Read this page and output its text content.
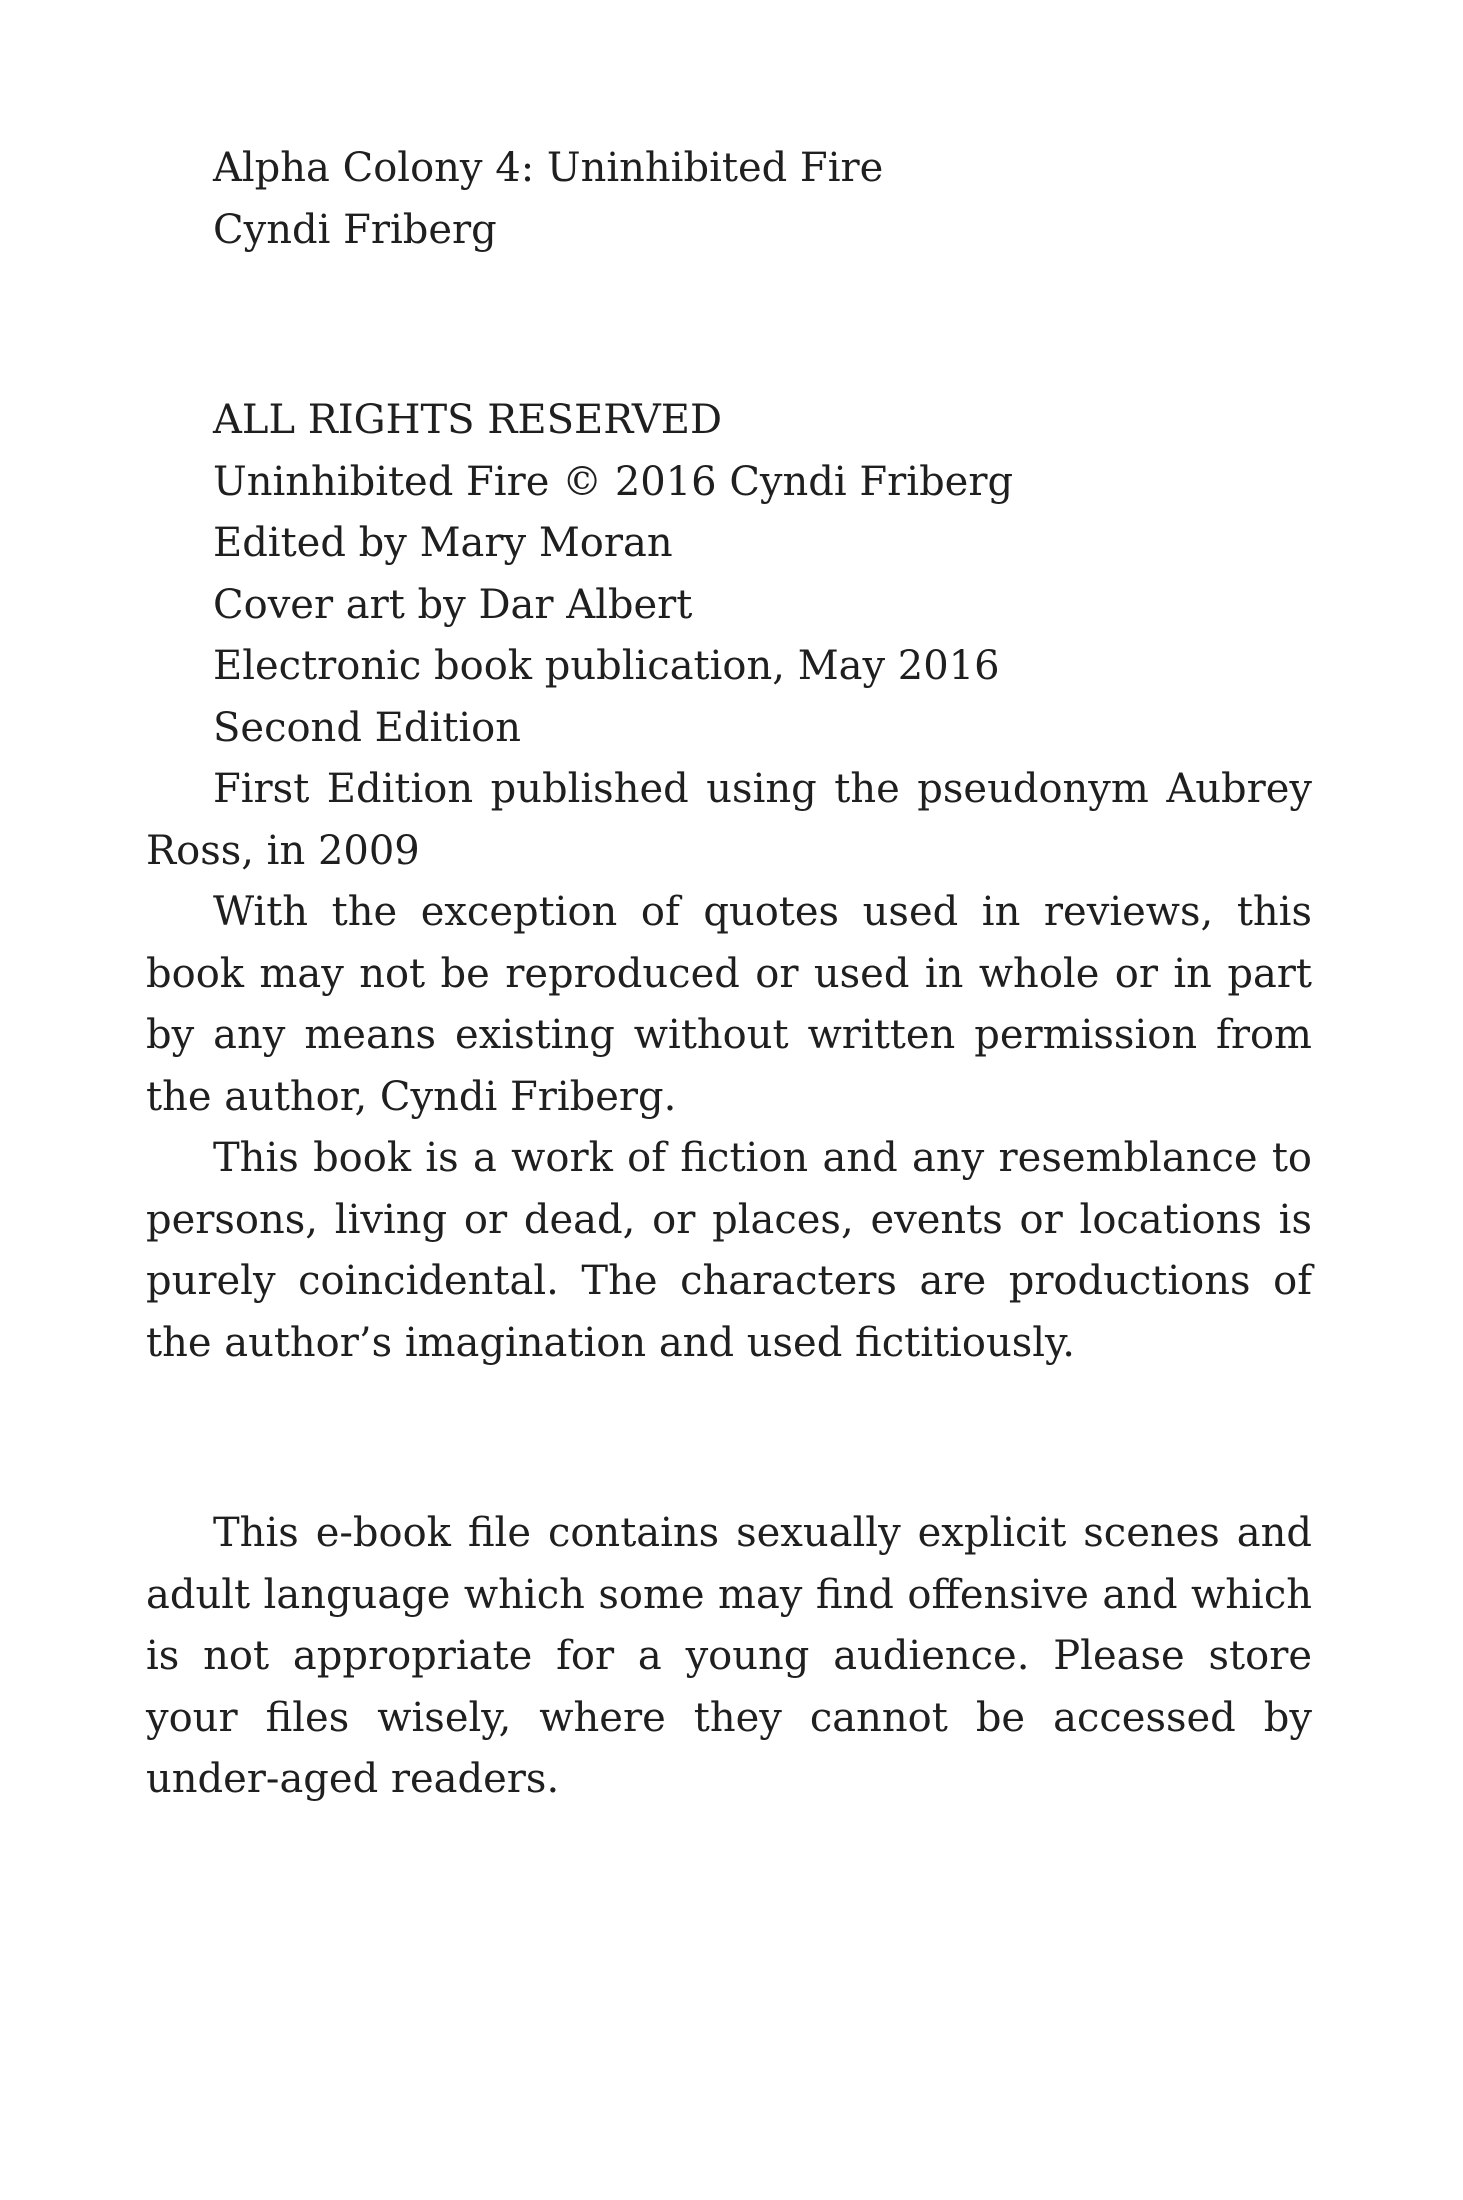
Alpha Colony 4: Uninhibited Fire

Cyndi Friberg

ALL RIGHTS RESERVED

Uninhibited Fire © 2016 Cyndi Friberg

Edited by Mary Moran

Cover art by Dar Albert

Electronic book publication, May 2016

Second Edition

First Edition published using the pseudonym Aubrey Ross, in 2009

With the exception of quotes used in reviews, this book may not be reproduced or used in whole or in part by any means existing without written permission from the author, Cyndi Friberg.

This book is a work of fiction and any resemblance to persons, living or dead, or places, events or locations is purely coincidental. The characters are productions of the author’s imagination and used fictitiously.

This e-book file contains sexually explicit scenes and adult language which some may find offensive and which is not appropriate for a young audience. Please store your files wisely, where they cannot be accessed by under-aged readers.
